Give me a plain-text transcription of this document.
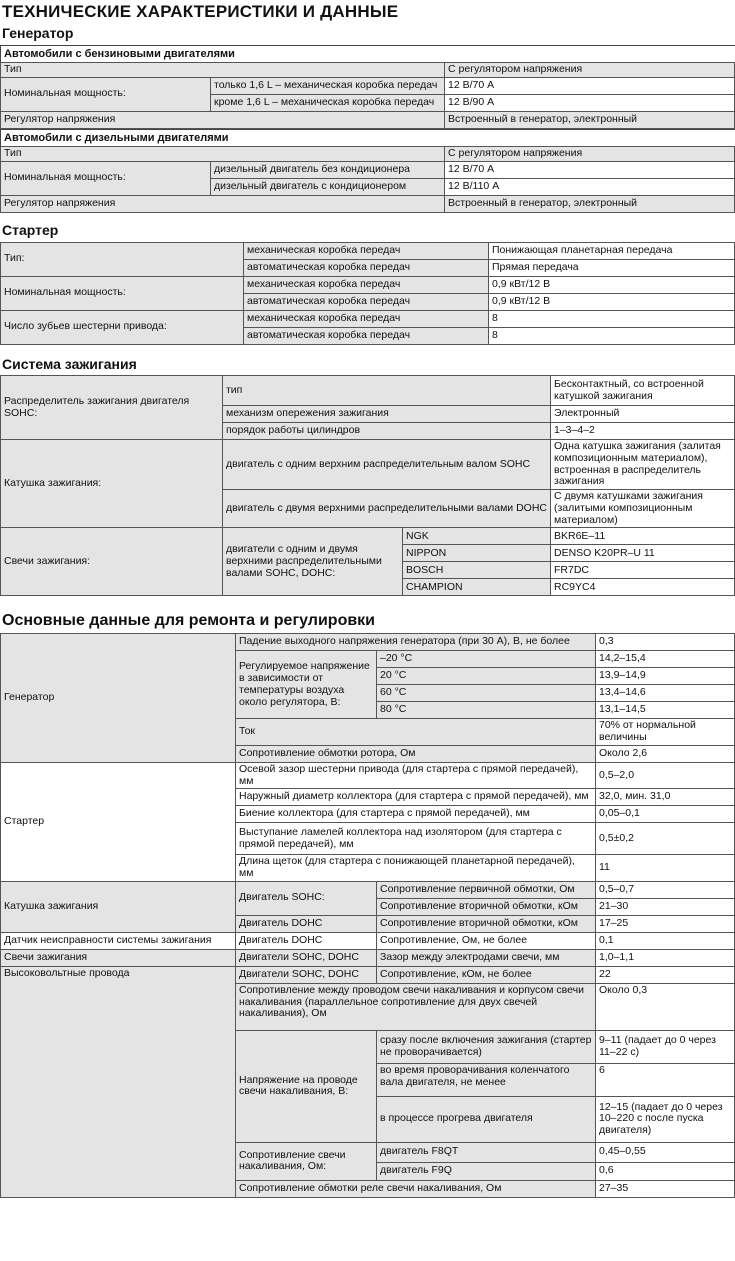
ТЕХНИЧЕСКИЕ ХАРАКТЕРИСТИКИ И ДАННЫЕ
Генератор
Автомобили с бензиновыми двигателями
Тип		С регулятором напряжения
Номинальная мощность:	только 1,6 L – механическая коробка передач	12 В/70 А
	кроме 1,6 L – механическая коробка передач	12 В/90 А
Регулятор напряжения		Встроенный в генератор, электронный
Автомобили с дизельными двигателями
Тип		С регулятором напряжения
Номинальная мощность:	дизельный двигатель без кондиционера	12 В/70 А
	дизельный двигатель с кондиционером	12 В/110 А
Регулятор напряжения		Встроенный в генератор, электронный
Стартер
Тип:	механическая коробка передач	Понижающая планетарная передача
	автоматическая коробка передач	Прямая передача
Номинальная мощность:	механическая коробка передач	0,9 кВт/12 В
	автоматическая коробка передач	0,9 кВт/12 В
Число зубьев шестерни привода:	механическая коробка передач	8
	автоматическая коробка передач	8
Система зажигания
Распределитель зажигания двигателя SOHC:	тип		Бесконтактный, со встроенной катушкой зажигания
	механизм опережения зажигания		Электронный
	порядок работы цилиндров		1–3–4–2
Катушка зажигания:	двигатель с одним верхним распределительным валом SOHC		Одна катушка зажигания (залитая композиционным материалом), встроенная в распределитель зажигания
	двигатель с двумя верхними распределительными валами DOHC		С двумя катушками зажигания (залитыми композиционным материалом)
Свечи зажигания:	двигатели с одним и двумя верхними распределительными валами SOHC, DOHC:	NGK	BKR6E–11
		NIPPON	DENSO K20PR–U 11
		BOSCH	FR7DC
		CHAMPION	RC9YC4
Основные данные для ремонта и регулировки
Генератор	Падение выходного напряжения генератора (при 30 А), В, не более		0,3
	Регулируемое напряжение в зависимости от температуры воздуха около регулятора, В:	–20 °С	14,2–15,4
		20 °С	13,9–14,9
		60 °С	13,4–14,6
		80 °С	13,1–14,5
	Ток		70% от нормальной величины
	Сопротивление обмотки ротора, Ом		Около 2,6
Стартер	Осевой зазор шестерни привода (для стартера с прямой передачей), мм		0,5–2,0
	Наружный диаметр коллектора (для стартера с прямой передачей), мм		32,0, мин. 31,0
	Биение коллектора (для стартера с прямой передачей), мм		0,05–0,1
	Выступание ламелей коллектора над изолятором (для стартера с прямой передачей), мм		0,5±0,2
	Длина щеток (для стартера с понижающей планетарной передачей), мм		11
Катушка зажигания	Двигатель SOHC:	Сопротивление первичной обмотки, Ом	0,5–0,7
		Сопротивление вторичной обмотки, кОм	21–30
	Двигатель DOHC	Сопротивление вторичной обмотки, кОм	17–25
Датчик неисправности системы зажигания	Двигатель DOHC	Сопротивление, Ом, не более	0,1
Свечи зажигания	Двигатели SOHC, DOHC	Зазор между электродами свечи, мм	1,0–1,1
Высоковольтные провода	Двигатели SOHC, DOHC	Сопротивление, кОм, не более	22
	Сопротивление между проводом свечи накаливания и корпусом свечи накаливания (параллельное сопротивление для двух свечей накаливания), Ом		Около 0,3
	Напряжение на проводе свечи накаливания, В:	сразу после включения зажигания (стартер не проворачивается)	9–11 (падает до 0 через 11–22 с)
		во время проворачивания коленчатого вала двигателя, не менее	6
		в процессе прогрева двигателя	12–15 (падает до 0 через 10–220 с после пуска двигателя)
	Сопротивление свечи накаливания, Ом:	двигатель F8QT	0,45–0,55
		двигатель F9Q	0,6
	Сопротивление обмотки реле свечи накаливания, Ом		27–35
